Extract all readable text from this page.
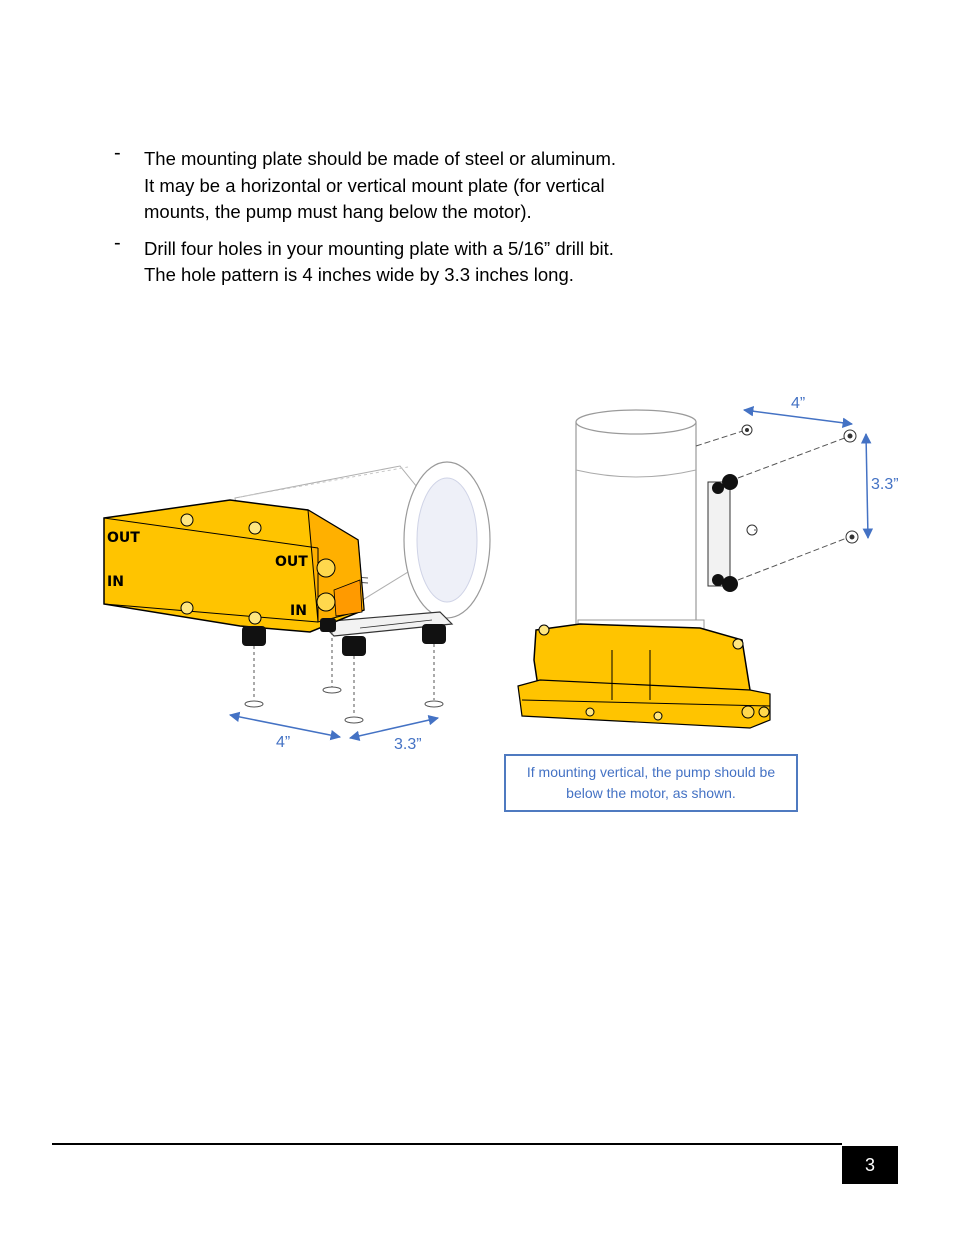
- The mounting plate should be made of steel or aluminum.
It may be a horizontal or vertical mount plate (for vertical
mounts, the pump must hang below the motor).
- Drill four holes in your mounting plate with a 5/16” drill bit.
The hole pattern is 4 inches wide by 3.3 inches long.
OUT
IN
OUT
IN
4”	3.3”
4”
3.3”
If mounting vertical, the pump should be below the motor, as shown.
3
